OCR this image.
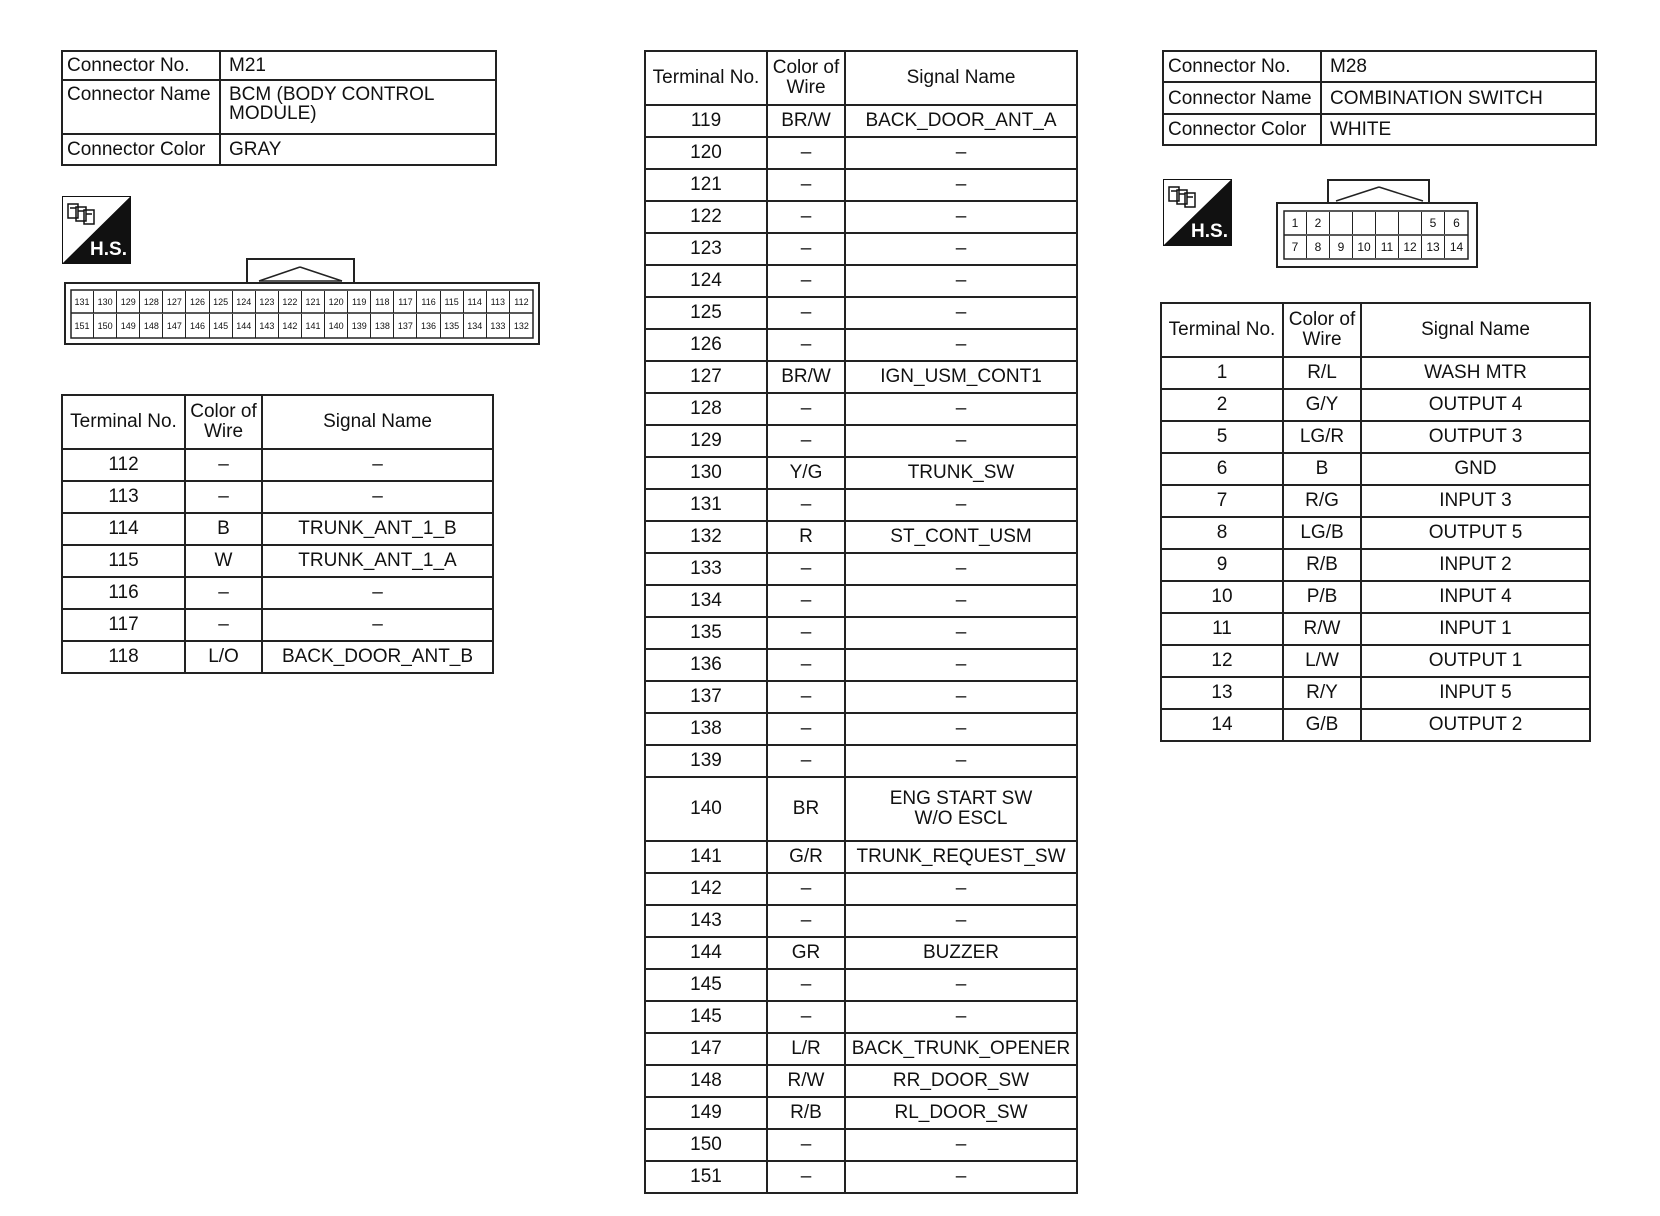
Connector No.	M21
Connector Name	BCM (BODY CONTROL MODULE)
Connector Color	GRAY
H.S.
131 130 129 128 127 126 125 124 123 122 121 120 119 118 117 116 115 114 113	112
151 150 149 148 147 146 145 144 143 142 141 140 139 138 137 136 135 134 133 132
Terminal No.	Color of Wire	Signal Name
112	–	–
113	–	–
114	B	TRUNK_ANT_1_B
115	W	TRUNK_ANT_1_A
116	–	–
117	–	–
118	L/O	BACK_DOOR_ANT_B
Terminal No.	Color of Wire	Signal Name
119	BR/W	BACK_DOOR_ANT_A
120	–	–
121	–	–
122	–	–
123	–	–
124	–	–
125	–	–
126	–	–
127	BR/W	IGN_USM_CONT1
128	–	–
129	–	–
130	Y/G	TRUNK_SW
131	–	–
132	R	ST_CONT_USM
133	–	–
134	–	–
135	–	–
136	–	–
137	–	–
138	–	–
139	–	–
140	BR	ENG START SW
W/O ESCL
141	G/R	TRUNK_REQUEST_SW
142	–	–
143	–	–
144	GR	BUZZER
145	–	–
145	–	–
147	L/R	BACK_TRUNK_OPENER
148	R/W	RR_DOOR_SW
149	R/B	RL_DOOR_SW
150	–	–
151	–	–
Connector No.	M28
Connector Name	COMBINATION SWITCH
Connector Color	WHITE
H.S.	1	2	5	6
7	8	9	10 11 12 13 14
Terminal No.	Color of Wire	Signal Name
1	R/L	WASH MTR
2	G/Y	OUTPUT 4
5	LG/R	OUTPUT 3
6	B	GND
7	R/G	INPUT 3
8	LG/B	OUTPUT 5
9	R/B	INPUT 2
10	P/B	INPUT 4
11	R/W	INPUT 1
12	L/W	OUTPUT 1
13	R/Y	INPUT 5
14	G/B	OUTPUT 2
